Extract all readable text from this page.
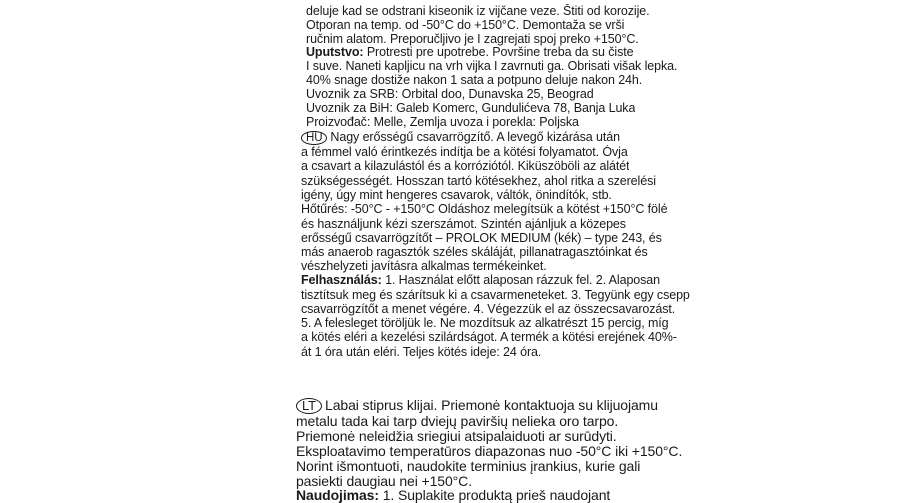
deluje kad se odstrani kiseonik iz vijčane veze. Štiti od korozije.
Otporan na temp. od -50°C do +150°C. Demontaža se vrši
ručnim alatom. Preporučljivo je I zagrejati spoj preko +150°C.
Uputstvo: Protresti pre upotrebe. Površine treba da su čiste
I suve. Naneti kapljicu na vrh vijka I zavrnuti ga. Obrisati višak lepka.
40% snage dostiže nakon 1 sata a potpuno deluje nakon 24h.
Uvoznik za SRB: Orbital doo, Dunavska 25, Beograd
Uvoznik za BiH: Galeb Komerc, Gundulićeva 78, Banja Luka
Proizvođač: Melle, Zemlja uvoza i porekla: Poljska
HU Nagy erősségű csavarrögzítő. A levegő kizárása után
a fémmel való érintkezés indítja be a kötési folyamatot. Óvja
a csavart a kilazulástól és a korróziótól. Kiküszöböli az alátét
szükségességét. Hosszan tartó kötésekhez, ahol ritka a szerelési
igény, úgy mint hengeres csavarok, váltók, önindítók, stb.
Hőtűrés: -50°C - +150°C Oldáshoz melegítsük a kötést +150°C fölé
és használjunk kézi szerszámot. Szintén ajánljuk a közepes
erősségű csavarrögzítőt – PROLOK MEDIUM (kék) – type 243, és
más anaerob ragasztók széles skáláját, pillanatragasztóinkat és
vészhelyzeti javításra alkalmas termékeinket.
Felhasználás: 1. Használat előtt alaposan rázzuk fel. 2. Alaposan
tisztítsuk meg és szárítsuk ki a csavarmeneteket. 3. Tegyünk egy csepp
csavarrögzítőt a menet végére. 4. Végezzük el az összecsavarozást.
5. A felesleget töröljük le. Ne mozdítsuk az alkatrészt 15 percig, míg
a kötés eléri a kezelési szilárdságot. A termék a kötési erejének 40%-
át 1 óra után eléri. Teljes kötés ideje: 24 óra.
LT Labai stiprus klijai. Priemonė kontaktuoja su klijuojamu
metalu tada kai tarp dviejų paviršių nelieka oro tarpo.
Priemonė neleidžia sriegiui atsipalaiduoti ar surūdyti.
Eksploatavimo temperatūros diapazonas nuo -50°C iki +150°C.
Norint išmontuoti, naudokite terminius įrankius, kurie gali
pasiekti daugiau nei +150°C.
Naudojimas: 1. Suplakite produktą prieš naudojant
